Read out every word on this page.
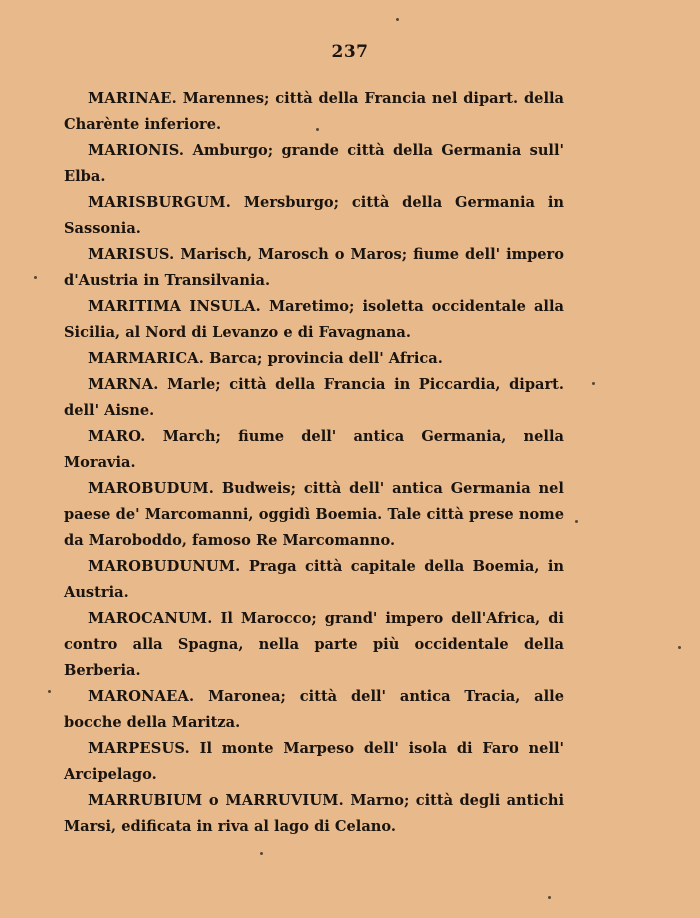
237

MARINAE. Marennes; città della Francia nel dipart. della Charènte inferiore.

MARIONIS. Amburgo; grande città della Germania sull' Elba.

MARISBURGUM. Mersburgo; città della Germania in Sassonia.

MARISUS. Marisch, Marosch o Maros; fiume dell' impero d'Austria in Transilvania.

MARITIMA INSULA. Maretimo; isoletta occidentale alla Sicilia, al Nord di Levanzo e di Favagnana.

MARMARICA. Barca; provincia dell' Africa.

MARNA. Marle; città della Francia in Piccardia, dipart. dell' Aisne.

MARO. March; fiume dell' antica Germania, nella Moravia.

MAROBUDUM. Budweis; città dell' antica Germania nel paese de' Marcomanni, oggidì Boemia. Tale città prese nome da Maroboddo, famoso Re Marcomanno.

MAROBUDUNUM. Praga città capitale della Boemia, in Austria.

MAROCANUM. Il Marocco; grand' impero dell'Africa, di contro alla Spagna, nella parte più occidentale della Berberia.

MARONAEA. Maronea; città dell' antica Tracia, alle bocche della Maritza.

MARPESUS. Il monte Marpeso dell' isola di Faro nell' Arcipelago.

MARRUBIUM o MARRUVIUM. Marno; città degli antichi Marsi, edificata in riva al lago di Celano.
